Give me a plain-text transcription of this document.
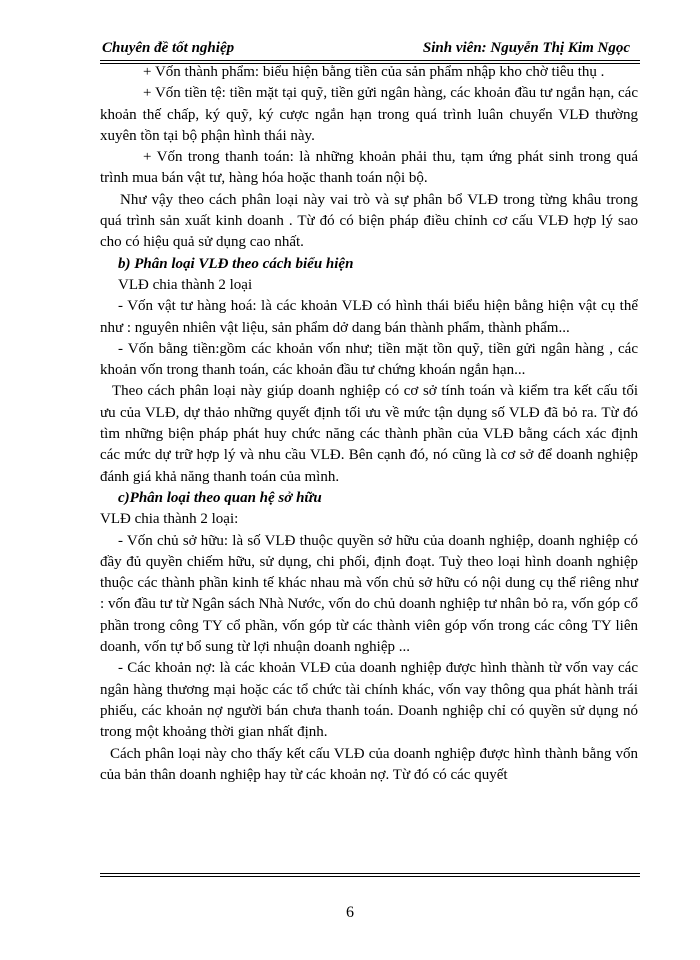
Chuyên đề tốt nghiệp	Sinh viên: Nguyễn Thị Kim Ngọc

+ Vốn thành phẩm: biểu hiện bằng tiền của sản phẩm nhập kho chờ tiêu thụ .

+ Vốn tiền tệ: tiền mặt tại quỹ, tiền gửi ngân hàng, các khoản đầu tư ngắn hạn, các khoản thế chấp, ký quỹ, ký cược ngắn hạn trong quá trình luân chuyển VLĐ thường xuyên tồn tại bộ phận hình thái này.

+ Vốn trong thanh toán: là những khoản phải thu, tạm ứng phát sinh trong quá trình mua bán vật tư, hàng hóa hoặc thanh toán nội bộ.

Như vậy theo cách phân loại này vai trò và sự phân bổ VLĐ trong từng khâu trong quá trình sản xuất kinh doanh . Từ đó có biện pháp điều chỉnh cơ cấu VLĐ hợp lý sao cho có hiệu quả sử dụng cao nhất.

b) Phân loại VLĐ theo cách biểu hiện

VLĐ chia thành 2 loại

- Vốn vật tư hàng hoá: là các khoản VLĐ có hình thái biểu hiện bằng hiện vật cụ thể như : nguyên nhiên vật liệu, sản phẩm dở dang bán thành phẩm, thành phẩm...

- Vốn bằng tiền:gồm các khoản vốn như; tiền mặt tồn quỹ, tiền gửi ngân hàng , các khoản vốn trong thanh toán, các khoản đầu tư chứng khoán ngắn hạn...

Theo cách phân loại này giúp doanh nghiệp có cơ sở tính toán và kiểm tra kết cấu tối ưu của VLĐ, dự thảo những quyết định tối ưu về mức tận dụng số VLĐ đã bỏ ra. Từ đó tìm những biện pháp phát huy chức năng các thành phần của VLĐ bằng cách xác định các mức dự trữ hợp lý và nhu cầu VLĐ. Bên cạnh đó, nó cũng là cơ sở để doanh nghiệp đánh giá khả năng thanh toán của mình.

c)Phân loại theo quan hệ sở hữu

VLĐ chia thành 2 loại:

- Vốn chủ sở hữu: là số VLĐ thuộc quyền sở hữu của doanh nghiệp, doanh nghiệp có đầy đủ quyền chiếm hữu, sử dụng, chi phối, định đoạt. Tuỳ theo loại hình doanh nghiệp thuộc các thành phần kinh tế khác nhau mà vốn chủ sở hữu có nội dung cụ thể riêng như : vốn đầu tư từ Ngân sách Nhà Nước, vốn do chủ doanh nghiệp tư nhân bỏ ra, vốn góp cổ phần trong công TY cổ phần, vốn góp từ các thành viên góp vốn trong các công TY liên doanh, vốn tự bổ sung từ lợi nhuận doanh nghiệp ...

- Các khoản nợ: là các khoản VLĐ của doanh nghiệp được hình thành từ vốn vay các ngân hàng thương mại hoặc các tổ chức tài chính khác, vốn vay thông qua phát hành trái phiếu, các khoản nợ người bán chưa thanh toán. Doanh nghiệp chỉ có quyền sử dụng nó trong một khoảng thời gian nhất định.

Cách phân loại này cho thấy kết cấu VLĐ của doanh nghiệp được hình thành bằng vốn của bản thân doanh nghiệp hay từ các khoản nợ. Từ đó có các quyết

6
